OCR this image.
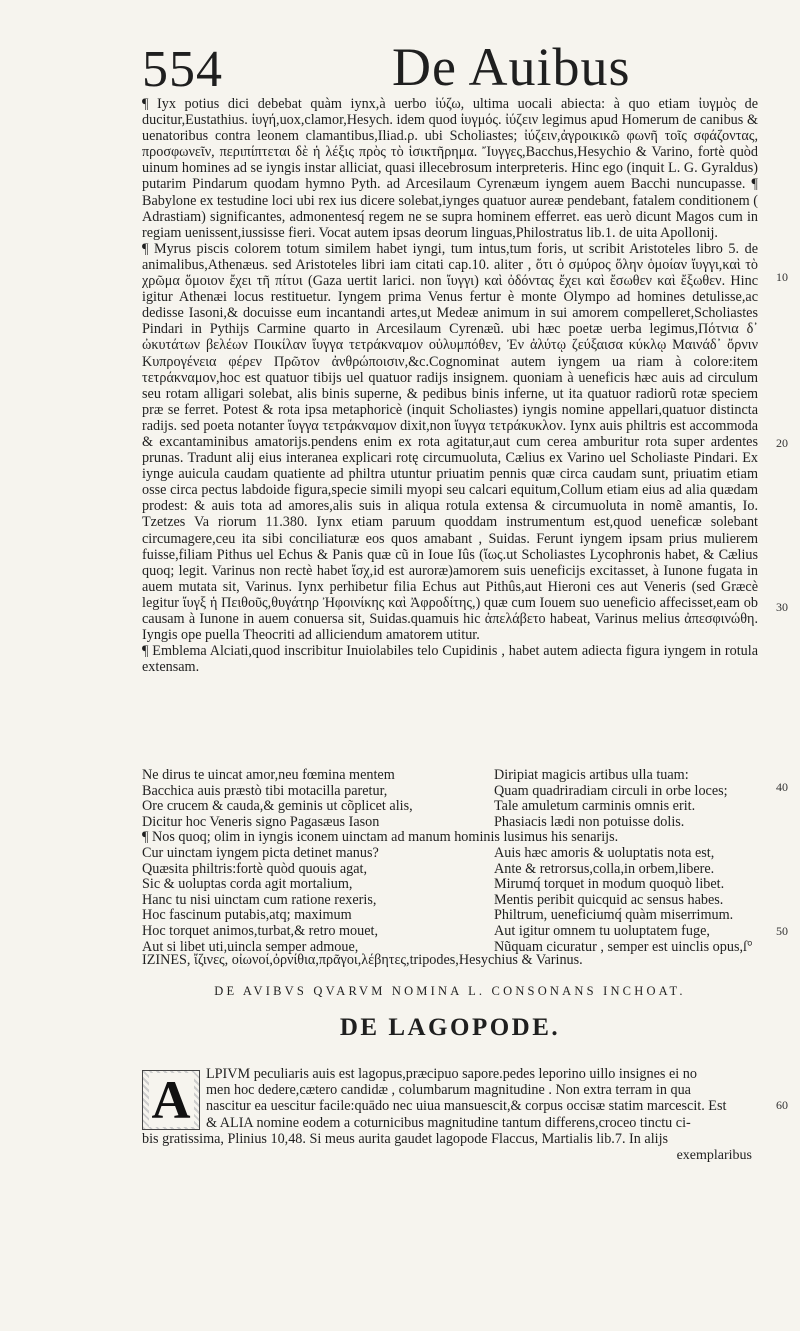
554	De Auibus

¶ Iyx potius dici debebat quàm iynx,à uerbo ἰύζω, ultima uocali abiecta: à quo etiam ἰυγμὸς de ducitur,Eustathius. ἰυγή,uox,clamor,Hesych. idem quod ἰυγμός. ἰύζειν legimus apud Homerum de canibus & uenatoribus contra leonem clamantibus,Iliad.ρ. ubi Scholiastes; ἰύζειν,ἀγροικικῶ φωνῆ τοῖς σφάζοντας, προσφωνεῖν, περιπίπτεται δὲ ἡ λέξις πρὸς τὸ ἱσικτῆρημα. Ἴυγγες,Bacchus,Hesychio & Varino, fortè quòd uinum homines ad se iyngis instar alliciat, quasi illecebrosum interpreteris. Hinc ego (inquit L. G. Gyraldus) putarim Pindarum quodam hymno Pyth. ad Arcesilaum Cyrenæum iyngem auem Bacchi nuncupasse. ¶ Babylone ex testudine loci ubi rex ius dicere solebat,iynges quatuor aureæ pendebant, fatalem conditionem ( Adrastiam) significantes, admonentesq́ regem ne se supra hominem efferret. eas uerò dicunt Magos cum in regiam uenissent,iussisse fieri. Vocat autem ipsas deorum linguas,Philostratus lib.1. de uita Apollonij.

¶ Myrus piscis colorem totum similem habet iyngi, tum intus,tum foris, ut scribit Aristoteles libro 5. de animalibus,Athenæus. sed Aristoteles libri iam citati cap.10. aliter , ὅτι ὁ σμύρος ὅλην ὁμοίαν ἴυγγι,καὶ τὸ χρῶμα ὅμοιον ἔχει τῆ πίτυι (Gaza uertit larici. non ἴυγγι) καὶ ὀδόντας ἔχει καὶ ἔσωθεν καὶ ἔξωθεν. Hinc igitur Athenæi locus restituetur. Iyngem prima Venus fertur è monte Olympo ad homines detulisse,ac dedisse Iasoni,& docuisse eum incantandi artes,ut Medeæ animum in sui amorem compelleret,Scholiastes Pindari in Pythijs Carmine quarto in Arcesilaum Cyrenæũ. ubi hæc poetæ uerba legimus,Πότνια δ᾽ ὠκυτάτων βελέων Ποικίλαν ἴυγγα τετράκναμον οὐλυμπόθεν, Ἐν ἀλύτῳ ζεύξαισα κύκλῳ Μαινάδ᾽ ὄρνιν Κυπρογένεια φέρεν Πρῶτον ἀνθρώποισιν,&c.Cognominat autem iyngem ua riam à colore:item τετράκναμον,hoc est quatuor tibijs uel quatuor radijs insignem. quoniam à ueneficis hæc auis ad circulum seu rotam alligari solebat, alis binis superne, & pedibus binis inferne, ut ita quatuor radiorũ rotæ speciem præ se ferret. Potest & rota ipsa metaphoricè (inquit Scholiastes) iyngis nomine appellari,quatuor distincta radijs. sed poeta notanter ἴυγγα τετράκναμον dixit,non ἴυγγα τετράκυκλον. Iynx auis philtris est accommoda & excantaminibus amatorijs.pendens enim ex rota agitatur,aut cum cerea amburitur rota super ardentes prunas. Tradunt alij eius interanea explicari rotę circumuoluta, Cælius ex Varino uel Scholiaste Pindari. Ex iynge auicula caudam quatiente ad philtra utuntur priuatim pennis quæ circa caudam sunt, priuatim etiam osse circa pectus labdoide figura,specie simili myopi seu calcari equitum,Collum etiam eius ad alia quædam prodest: & auis tota ad amores,alis suis in aliqua rotula extensa & circumuoluta in nomẽ amantis, Io. Tzetzes Va riorum 11.380. Iynx etiam paruum quoddam instrumentum est,quod ueneficæ solebant circumagere,ceu ita sibi conciliaturæ eos quos amabant , Suidas. Ferunt iyngem ipsam prius mulierem fuisse,filiam Pithus uel Echus & Panis quæ cũ in Ioue Iûs (ἴως.ut Scholiastes Lycophronis habet, & Cælius quoq; legit. Varinus non rectè habet ἴσχ,id est auroræ)amorem suis ueneficijs excitasset, à Iunone fugata in auem mutata sit, Varinus. Iynx perhibetur filia Echus aut Pithûs,aut Hieroni ces aut Veneris (sed Græcè legitur ἴυγξ ἡ Πειθοῦς,θυγάτηρ Ἠφοινίκης καὶ Ἀφροδίτης,) quæ cum Iouem suo ueneficio affecisset,eam ob causam à Iunone in auem conuersa sit, Suidas.quamuis hic ἀπελάβετο habeat, Varinus melius ἀπεσφινώθη. Iyngis ope puella Theocriti ad alliciendum amatorem utitur.

¶ Emblema Alciati,quod inscribitur Inuiolabiles telo Cupidinis , habet autem adiecta figura iyngem in rotula extensam.

Ne dirus te uincat amor,neu fœmina mentem	Diripiat magicis artibus ulla tuam:
Bacchica auis præstò tibi motacilla paretur,	Quam quadriradiam circuli in orbe loces;
Ore crucem & cauda,& geminis ut cõplicet alis,	Tale amuletum carminis omnis erit.
Dicitur hoc Veneris signo Pagasæus Iason	Phasiacis lædi non potuisse dolis.

¶ Nos quoq; olim in iyngis iconem uinctam ad manum hominis lusimus his senarijs.

Cur uinctam iyngem picta detinet manus?	Auis hæc amoris & uoluptatis nota est,
Quæsita philtris:fortè quòd quouis agat,	Ante & retrorsus,colla,in orbem,libere.
Sic & uoluptas corda agit mortalium,	Mirumq́ torquet in modum quoquò libet.
Hanc tu nisi uinctam cum ratione rexeris,	Mentis peribit quicquid ac sensus habes.
Hoc fascinum putabis,atq; maximum	Philtrum, ueneficiumq́ quàm miserrimum.
Hoc torquet animos,turbat,& retro mouet,	Aut igitur omnem tu uoluptatem fuge,
Aut si libet uti,uincla semper admoue,	Nũquam cicuratur , semper est uinclis opus,ſ°
IZINES, ἴζινες, οἰωνοί,ὀρνίθια,πρᾶγοι,λέβητες,tripodes,Hesychius & Varinus.
DE AVIBVS QVARVM NOMINA L. CONSONANS INCHOAT.
DE LAGOPODE.
A	LPIVM peculiaris auis est lagopus,præcipuo sapore.pedes leporino uillo insignes ei no
men hoc dedere,cætero candidæ , columbarum magnitudine . Non extra terram in qua
nascitur ea uescitur facile:quādo nec uiua mansuescit,& corpus occisæ statim marcescit. Est
& ALIA nomine eodem a coturnicibus magnitudine tantum differens,croceo tinctu ci-
bis gratissima, Plinius 10,48. Si meus aurita gaudet lagopode Flaccus, Martialis lib.7. In alijs
exemplaribus
10
20
30
40
50
60
